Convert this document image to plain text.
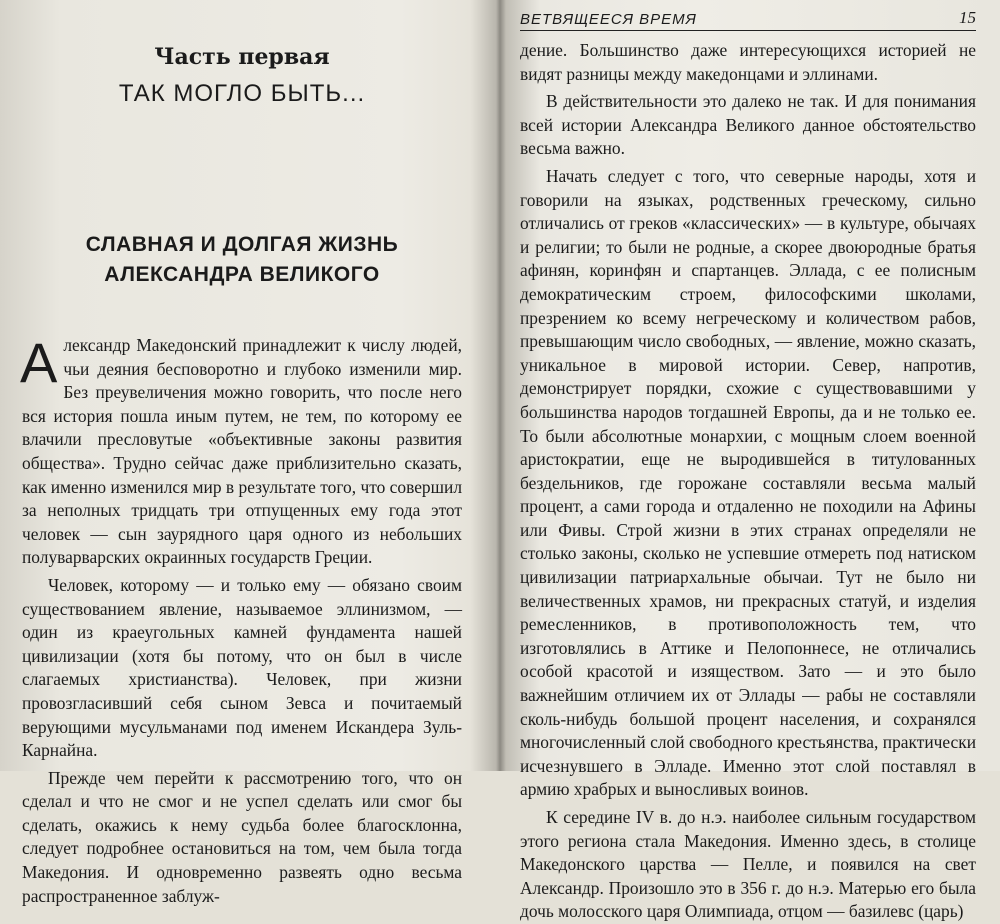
Часть первая
ТАК МОГЛО БЫТЬ...
СЛАВНАЯ И ДОЛГАЯ ЖИЗНЬ
АЛЕКСАНДРА ВЕЛИКОГО

Александр Македонский принадлежит к числу людей, чьи деяния бесповоротно и глубоко изменили мир. Без преувеличения можно говорить, что после него вся история пошла иным путем, не тем, по которому ее влачили пресловутые «объективные законы развития общества». Трудно сейчас даже приблизительно сказать, как именно изменился мир в результате того, что совершил за неполных тридцать три отпущенных ему года этот человек — сын заурядного царя одного из небольших полуварварских окраинных государств Греции.

Человек, которому — и только ему — обязано своим существованием явление, называемое эллинизмом, — один из краеугольных камней фундамента нашей цивилизации (хотя бы потому, что он был в числе слагаемых христианства). Человек, при жизни провозгласивший себя сыном Зевса и почитаемый верующими мусульманами под именем Искандера Зуль-Карнайна.

Прежде чем перейти к рассмотрению того, что он сделал и что не смог и не успел сделать или смог бы сделать, окажись к нему судьба более благосклонна, следует подробнее остановиться на том, чем была тогда Македония. И одновременно развеять одно весьма распространенное заблуж-

ВЕТВЯЩЕЕСЯ ВРЕМЯ	15

дение. Большинство даже интересующихся историей не видят разницы между македонцами и эллинами.

В действительности это далеко не так. И для понимания всей истории Александра Великого данное обстоятельство весьма важно.

Начать следует с того, что северные народы, хотя и говорили на языках, родственных греческому, сильно отличались от греков «классических» — в культуре, обычаях и религии; то были не родные, а скорее двоюродные братья афинян, коринфян и спартанцев. Эллада, с ее полисным демократическим строем, философскими школами, презрением ко всему негреческому и количеством рабов, превышающим число свободных, — явление, можно сказать, уникальное в мировой истории. Север, напротив, демонстрирует порядки, схожие с существовавшими у большинства народов тогдашней Европы, да и не только ее. То были абсолютные монархии, с мощным слоем военной аристократии, еще не выродившейся в титулованных бездельников, где горожане составляли весьма малый процент, а сами города и отдаленно не походили на Афины или Фивы. Строй жизни в этих странах определяли не столько законы, сколько не успевшие отмереть под натиском цивилизации патриархальные обычаи. Тут не было ни величественных храмов, ни прекрасных статуй, и изделия ремесленников, в противоположность тем, что изготовлялись в Аттике и Пелопоннесе, не отличались особой красотой и изяществом. Зато — и это было важнейшим отличием их от Эллады — рабы не составляли сколь-нибудь большой процент населения, и сохранялся многочисленный слой свободного крестьянства, практически исчезнувшего в Элладе. Именно этот слой поставлял в армию храбрых и выносливых воинов.

К середине IV в. до н.э. наиболее сильным государством этого региона стала Македония. Именно здесь, в столице Македонского царства — Пелле, и появился на свет Александр. Произошло это в 356 г. до н.э. Матерью его была дочь молосского царя Олимпиада, отцом — базилевс (царь)
